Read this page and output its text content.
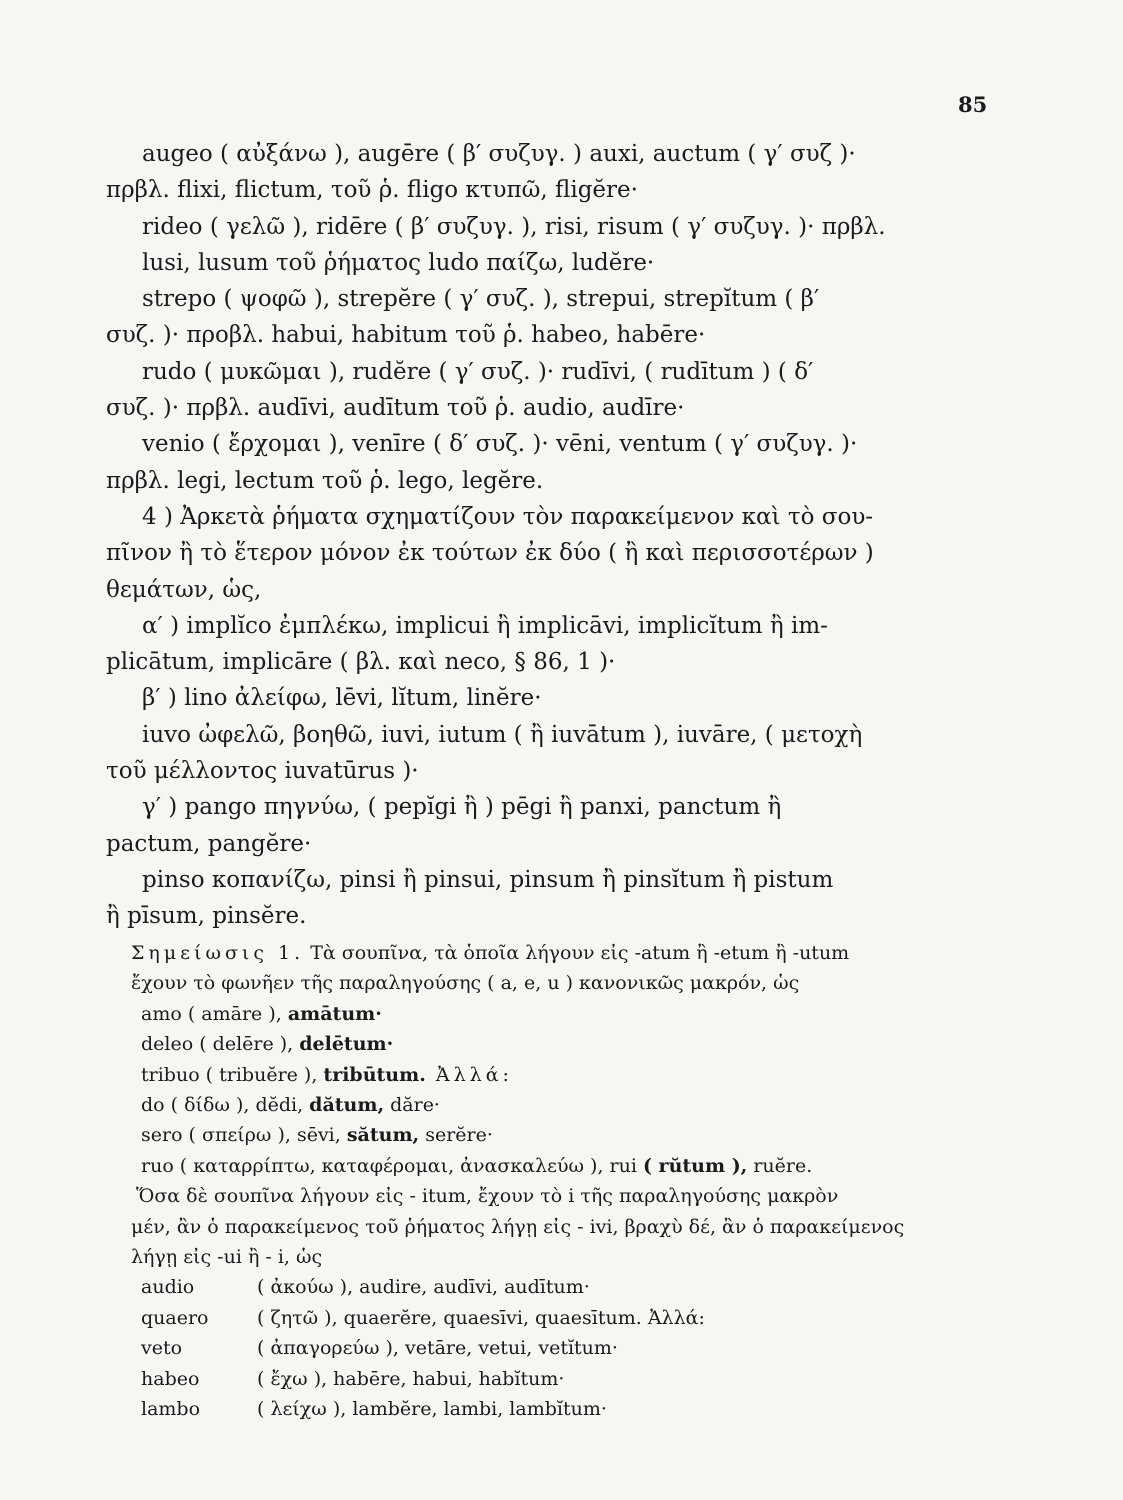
85

augeo ( αὐξάνω ), augēre ( β′ συζυγ. ) auxi, auctum ( γ′ συζ )·

πρβλ. flixi, flictum, τοῦ ῥ. fligo κτυπῶ, fligĕre·

rideo ( γελῶ ), ridēre ( β′ συζυγ. ), risi, risum ( γ′ συζυγ. )· πρβλ.

lusi, lusum τοῦ ῥήματος ludo παίζω, ludĕre·

strepo ( ψοφῶ ), strepĕre ( γ′ συζ. ), strepui, strepĭtum ( β′

συζ. )· προβλ. habui, habitum τοῦ ῥ. habeo, habēre·

rudo ( μυκῶμαι ), rudĕre ( γ′ συζ. )· rudīvi, ( rudītum ) ( δ′

συζ. )· πρβλ. audīvi, audītum τοῦ ῥ. audio, audīre·

venio ( ἔρχομαι ), venīre ( δ′ συζ. )· vēni, ventum ( γ′ συζυγ. )·

πρβλ. legi, lectum τοῦ ῥ. lego, legĕre.

4 ) Ἀρκετὰ ῥήματα σχηματίζουν τὸν παρακείμενον καὶ τὸ σου-

πῖνον ἢ τὸ ἕτερον μόνον ἐκ τούτων ἐκ δύο ( ἢ καὶ περισσοτέρων )

θεμάτων, ὡς,

α′ ) implĭco ἐμπλέκω, implicui ἢ implicāvi, implicĭtum ἢ im-

plicātum, implicāre ( βλ. καὶ neco, § 86, 1 )·

β′ ) lino ἀλείφω, lēvi, lĭtum, linĕre·

iuvo ὠφελῶ, βοηθῶ, iuvi, iutum ( ἢ iuvātum ), iuvāre, ( μετοχὴ

τοῦ μέλλοντος iuvatūrus )·

γ′ ) pango πηγνύω, ( pepĭgi ἢ ) pēgi ἢ panxi, panctum ἢ

pactum, pangĕre·

pinso κοπανίζω, pinsi ἢ pinsui, pinsum ἢ pinsĭtum ἢ pistum

ἢ pīsum, pinsĕre.

Σημείωσις 1. Τὰ σουπῖνα, τὰ ὁποῖα λήγουν εἰς -atum ἢ -etum ἢ -utum
ἔχουν τὸ φωνῆεν τῆς παραληγούσης ( a, e, u ) κανονικῶς μακρόν, ὡς
amo ( amāre ), amātum·
deleo ( delēre ), delētum·
tribuo ( tribuĕre ), tribūtum. Ἀλλά:
do ( δίδω ), dĕdi, dătum, dăre·
sero ( σπείρω ), sēvi, sătum, serĕre·
ruo ( καταρρίπτω, καταφέρομαι, ἀνασκαλεύω ), rui ( rŭtum ), ruĕre.
Ὅσα δὲ σουπῖνα λήγουν εἰς - itum, ἔχουν τὸ i τῆς παραληγούσης μακρὸν
μέν, ἂν ὁ παρακείμενος τοῦ ῥήματος λήγῃ εἰς - ivi, βραχὺ δέ, ἂν ὁ παρακείμενος
λήγῃ εἰς -ui ἢ - i, ὡς
audio	( ἀκούω ), audire, audīvi, audītum·
quaero	( ζητῶ ), quaerĕre, quaesīvi, quaesītum. Ἀλλά:
veto	( ἀπαγορεύω ), vetāre, vetui, vetĭtum·
habeo	( ἔχω ), habēre, habui, habĭtum·
lambo	( λείχω ), lambĕre, lambi, lambĭtum·
